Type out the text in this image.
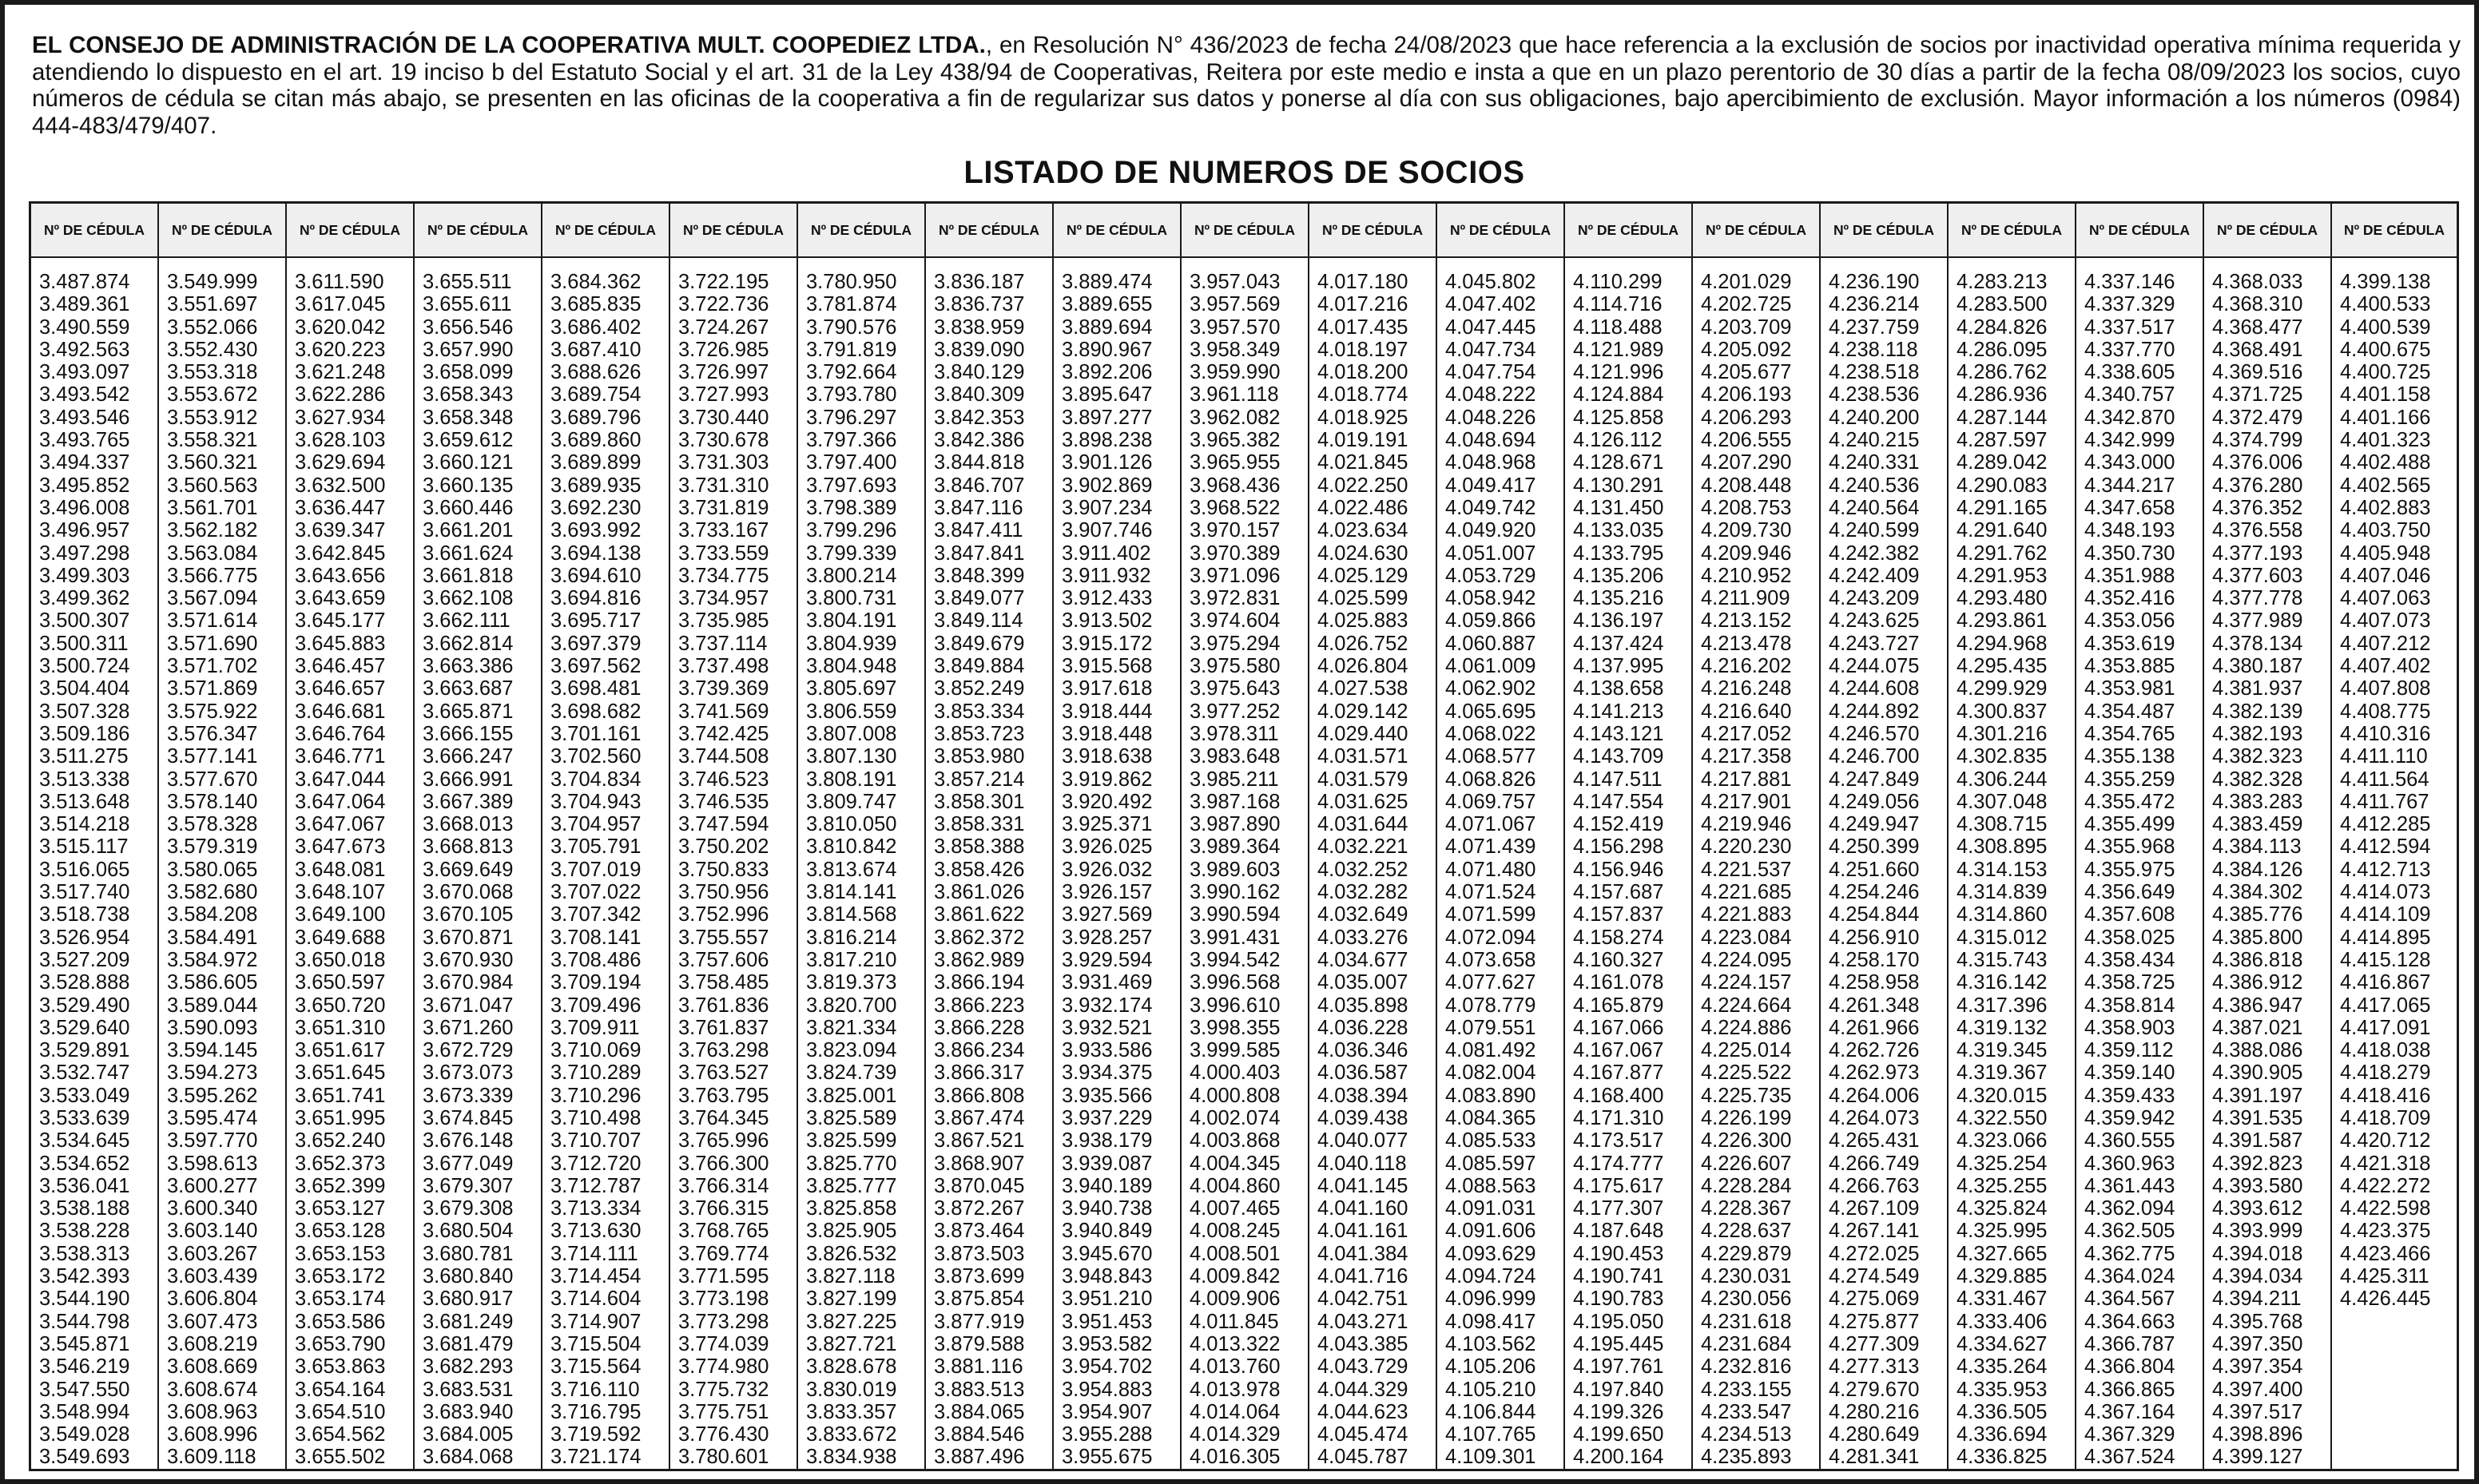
EL CONSEJO DE ADMINISTRACIÓN DE LA COOPERATIVA MULT. COOPEDIEZ LTDA., en Resolución N° 436/2023 de fecha 24/08/2023 que hace referencia a la exclusión de socios por inactividad operativa mínima requerida y atendiendo lo dispuesto en el art. 19 inciso b del Estatuto Social y el art. 31 de la Ley 438/94 de Cooperativas, Reitera por este medio e insta a que en un plazo perentorio de 30 días a partir de la fecha 08/09/2023 los socios, cuyo números de cédula se citan más abajo, se presenten en las oficinas de la cooperativa a fin de regularizar sus datos y ponerse al día con sus obligaciones, bajo apercibimiento de exclusión. Mayor información a los números (0984) 444-483/479/407.
LISTADO DE NUMEROS DE SOCIOS
Nº DE CÉDULA
3.487.874
3.489.361
3.490.559
3.492.563
3.493.097
3.493.542
3.493.546
3.493.765
3.494.337
3.495.852
3.496.008
3.496.957
3.497.298
3.499.303
3.499.362
3.500.307
3.500.311
3.500.724
3.504.404
3.507.328
3.509.186
3.511.275
3.513.338
3.513.648
3.514.218
3.515.117
3.516.065
3.517.740
3.518.738
3.526.954
3.527.209
3.528.888
3.529.490
3.529.640
3.529.891
3.532.747
3.533.049
3.533.639
3.534.645
3.534.652
3.536.041
3.538.188
3.538.228
3.538.313
3.542.393
3.544.190
3.544.798
3.545.871
3.546.219
3.547.550
3.548.994
3.549.028
3.549.693
Nº DE CÉDULA
3.549.999
3.551.697
3.552.066
3.552.430
3.553.318
3.553.672
3.553.912
3.558.321
3.560.321
3.560.563
3.561.701
3.562.182
3.563.084
3.566.775
3.567.094
3.571.614
3.571.690
3.571.702
3.571.869
3.575.922
3.576.347
3.577.141
3.577.670
3.578.140
3.578.328
3.579.319
3.580.065
3.582.680
3.584.208
3.584.491
3.584.972
3.586.605
3.589.044
3.590.093
3.594.145
3.594.273
3.595.262
3.595.474
3.597.770
3.598.613
3.600.277
3.600.340
3.603.140
3.603.267
3.603.439
3.606.804
3.607.473
3.608.219
3.608.669
3.608.674
3.608.963
3.608.996
3.609.118
Nº DE CÉDULA
3.611.590
3.617.045
3.620.042
3.620.223
3.621.248
3.622.286
3.627.934
3.628.103
3.629.694
3.632.500
3.636.447
3.639.347
3.642.845
3.643.656
3.643.659
3.645.177
3.645.883
3.646.457
3.646.657
3.646.681
3.646.764
3.646.771
3.647.044
3.647.064
3.647.067
3.647.673
3.648.081
3.648.107
3.649.100
3.649.688
3.650.018
3.650.597
3.650.720
3.651.310
3.651.617
3.651.645
3.651.741
3.651.995
3.652.240
3.652.373
3.652.399
3.653.127
3.653.128
3.653.153
3.653.172
3.653.174
3.653.586
3.653.790
3.653.863
3.654.164
3.654.510
3.654.562
3.655.502
Nº DE CÉDULA
3.655.511
3.655.611
3.656.546
3.657.990
3.658.099
3.658.343
3.658.348
3.659.612
3.660.121
3.660.135
3.660.446
3.661.201
3.661.624
3.661.818
3.662.108
3.662.111
3.662.814
3.663.386
3.663.687
3.665.871
3.666.155
3.666.247
3.666.991
3.667.389
3.668.013
3.668.813
3.669.649
3.670.068
3.670.105
3.670.871
3.670.930
3.670.984
3.671.047
3.671.260
3.672.729
3.673.073
3.673.339
3.674.845
3.676.148
3.677.049
3.679.307
3.679.308
3.680.504
3.680.781
3.680.840
3.680.917
3.681.249
3.681.479
3.682.293
3.683.531
3.683.940
3.684.005
3.684.068
Nº DE CÉDULA
3.684.362
3.685.835
3.686.402
3.687.410
3.688.626
3.689.754
3.689.796
3.689.860
3.689.899
3.689.935
3.692.230
3.693.992
3.694.138
3.694.610
3.694.816
3.695.717
3.697.379
3.697.562
3.698.481
3.698.682
3.701.161
3.702.560
3.704.834
3.704.943
3.704.957
3.705.791
3.707.019
3.707.022
3.707.342
3.708.141
3.708.486
3.709.194
3.709.496
3.709.911
3.710.069
3.710.289
3.710.296
3.710.498
3.710.707
3.712.720
3.712.787
3.713.334
3.713.630
3.714.111
3.714.454
3.714.604
3.714.907
3.715.504
3.715.564
3.716.110
3.716.795
3.719.592
3.721.174
Nº DE CÉDULA
3.722.195
3.722.736
3.724.267
3.726.985
3.726.997
3.727.993
3.730.440
3.730.678
3.731.303
3.731.310
3.731.819
3.733.167
3.733.559
3.734.775
3.734.957
3.735.985
3.737.114
3.737.498
3.739.369
3.741.569
3.742.425
3.744.508
3.746.523
3.746.535
3.747.594
3.750.202
3.750.833
3.750.956
3.752.996
3.755.557
3.757.606
3.758.485
3.761.836
3.761.837
3.763.298
3.763.527
3.763.795
3.764.345
3.765.996
3.766.300
3.766.314
3.766.315
3.768.765
3.769.774
3.771.595
3.773.198
3.773.298
3.774.039
3.774.980
3.775.732
3.775.751
3.776.430
3.780.601
Nº DE CÉDULA
3.780.950
3.781.874
3.790.576
3.791.819
3.792.664
3.793.780
3.796.297
3.797.366
3.797.400
3.797.693
3.798.389
3.799.296
3.799.339
3.800.214
3.800.731
3.804.191
3.804.939
3.804.948
3.805.697
3.806.559
3.807.008
3.807.130
3.808.191
3.809.747
3.810.050
3.810.842
3.813.674
3.814.141
3.814.568
3.816.214
3.817.210
3.819.373
3.820.700
3.821.334
3.823.094
3.824.739
3.825.001
3.825.589
3.825.599
3.825.770
3.825.777
3.825.858
3.825.905
3.826.532
3.827.118
3.827.199
3.827.225
3.827.721
3.828.678
3.830.019
3.833.357
3.833.672
3.834.938
Nº DE CÉDULA
3.836.187
3.836.737
3.838.959
3.839.090
3.840.129
3.840.309
3.842.353
3.842.386
3.844.818
3.846.707
3.847.116
3.847.411
3.847.841
3.848.399
3.849.077
3.849.114
3.849.679
3.849.884
3.852.249
3.853.334
3.853.723
3.853.980
3.857.214
3.858.301
3.858.331
3.858.388
3.858.426
3.861.026
3.861.622
3.862.372
3.862.989
3.866.194
3.866.223
3.866.228
3.866.234
3.866.317
3.866.808
3.867.474
3.867.521
3.868.907
3.870.045
3.872.267
3.873.464
3.873.503
3.873.699
3.875.854
3.877.919
3.879.588
3.881.116
3.883.513
3.884.065
3.884.546
3.887.496
Nº DE CÉDULA
3.889.474
3.889.655
3.889.694
3.890.967
3.892.206
3.895.647
3.897.277
3.898.238
3.901.126
3.902.869
3.907.234
3.907.746
3.911.402
3.911.932
3.912.433
3.913.502
3.915.172
3.915.568
3.917.618
3.918.444
3.918.448
3.918.638
3.919.862
3.920.492
3.925.371
3.926.025
3.926.032
3.926.157
3.927.569
3.928.257
3.929.594
3.931.469
3.932.174
3.932.521
3.933.586
3.934.375
3.935.566
3.937.229
3.938.179
3.939.087
3.940.189
3.940.738
3.940.849
3.945.670
3.948.843
3.951.210
3.951.453
3.953.582
3.954.702
3.954.883
3.954.907
3.955.288
3.955.675
Nº DE CÉDULA
3.957.043
3.957.569
3.957.570
3.958.349
3.959.990
3.961.118
3.962.082
3.965.382
3.965.955
3.968.436
3.968.522
3.970.157
3.970.389
3.971.096
3.972.831
3.974.604
3.975.294
3.975.580
3.975.643
3.977.252
3.978.311
3.983.648
3.985.211
3.987.168
3.987.890
3.989.364
3.989.603
3.990.162
3.990.594
3.991.431
3.994.542
3.996.568
3.996.610
3.998.355
3.999.585
4.000.403
4.000.808
4.002.074
4.003.868
4.004.345
4.004.860
4.007.465
4.008.245
4.008.501
4.009.842
4.009.906
4.011.845
4.013.322
4.013.760
4.013.978
4.014.064
4.014.329
4.016.305
Nº DE CÉDULA
4.017.180
4.017.216
4.017.435
4.018.197
4.018.200
4.018.774
4.018.925
4.019.191
4.021.845
4.022.250
4.022.486
4.023.634
4.024.630
4.025.129
4.025.599
4.025.883
4.026.752
4.026.804
4.027.538
4.029.142
4.029.440
4.031.571
4.031.579
4.031.625
4.031.644
4.032.221
4.032.252
4.032.282
4.032.649
4.033.276
4.034.677
4.035.007
4.035.898
4.036.228
4.036.346
4.036.587
4.038.394
4.039.438
4.040.077
4.040.118
4.041.145
4.041.160
4.041.161
4.041.384
4.041.716
4.042.751
4.043.271
4.043.385
4.043.729
4.044.329
4.044.623
4.045.474
4.045.787
Nº DE CÉDULA
4.045.802
4.047.402
4.047.445
4.047.734
4.047.754
4.048.222
4.048.226
4.048.694
4.048.968
4.049.417
4.049.742
4.049.920
4.051.007
4.053.729
4.058.942
4.059.866
4.060.887
4.061.009
4.062.902
4.065.695
4.068.022
4.068.577
4.068.826
4.069.757
4.071.067
4.071.439
4.071.480
4.071.524
4.071.599
4.072.094
4.073.658
4.077.627
4.078.779
4.079.551
4.081.492
4.082.004
4.083.890
4.084.365
4.085.533
4.085.597
4.088.563
4.091.031
4.091.606
4.093.629
4.094.724
4.096.999
4.098.417
4.103.562
4.105.206
4.105.210
4.106.844
4.107.765
4.109.301
Nº DE CÉDULA
4.110.299
4.114.716
4.118.488
4.121.989
4.121.996
4.124.884
4.125.858
4.126.112
4.128.671
4.130.291
4.131.450
4.133.035
4.133.795
4.135.206
4.135.216
4.136.197
4.137.424
4.137.995
4.138.658
4.141.213
4.143.121
4.143.709
4.147.511
4.147.554
4.152.419
4.156.298
4.156.946
4.157.687
4.157.837
4.158.274
4.160.327
4.161.078
4.165.879
4.167.066
4.167.067
4.167.877
4.168.400
4.171.310
4.173.517
4.174.777
4.175.617
4.177.307
4.187.648
4.190.453
4.190.741
4.190.783
4.195.050
4.195.445
4.197.761
4.197.840
4.199.326
4.199.650
4.200.164
Nº DE CÉDULA
4.201.029
4.202.725
4.203.709
4.205.092
4.205.677
4.206.193
4.206.293
4.206.555
4.207.290
4.208.448
4.208.753
4.209.730
4.209.946
4.210.952
4.211.909
4.213.152
4.213.478
4.216.202
4.216.248
4.216.640
4.217.052
4.217.358
4.217.881
4.217.901
4.219.946
4.220.230
4.221.537
4.221.685
4.221.883
4.223.084
4.224.095
4.224.157
4.224.664
4.224.886
4.225.014
4.225.522
4.225.735
4.226.199
4.226.300
4.226.607
4.228.284
4.228.367
4.228.637
4.229.879
4.230.031
4.230.056
4.231.618
4.231.684
4.232.816
4.233.155
4.233.547
4.234.513
4.235.893
Nº DE CÉDULA
4.236.190
4.236.214
4.237.759
4.238.118
4.238.518
4.238.536
4.240.200
4.240.215
4.240.331
4.240.536
4.240.564
4.240.599
4.242.382
4.242.409
4.243.209
4.243.625
4.243.727
4.244.075
4.244.608
4.244.892
4.246.570
4.246.700
4.247.849
4.249.056
4.249.947
4.250.399
4.251.660
4.254.246
4.254.844
4.256.910
4.258.170
4.258.958
4.261.348
4.261.966
4.262.726
4.262.973
4.264.006
4.264.073
4.265.431
4.266.749
4.266.763
4.267.109
4.267.141
4.272.025
4.274.549
4.275.069
4.275.877
4.277.309
4.277.313
4.279.670
4.280.216
4.280.649
4.281.341
Nº DE CÉDULA
4.283.213
4.283.500
4.284.826
4.286.095
4.286.762
4.286.936
4.287.144
4.287.597
4.289.042
4.290.083
4.291.165
4.291.640
4.291.762
4.291.953
4.293.480
4.293.861
4.294.968
4.295.435
4.299.929
4.300.837
4.301.216
4.302.835
4.306.244
4.307.048
4.308.715
4.308.895
4.314.153
4.314.839
4.314.860
4.315.012
4.315.743
4.316.142
4.317.396
4.319.132
4.319.345
4.319.367
4.320.015
4.322.550
4.323.066
4.325.254
4.325.255
4.325.824
4.325.995
4.327.665
4.329.885
4.331.467
4.333.406
4.334.627
4.335.264
4.335.953
4.336.505
4.336.694
4.336.825
Nº DE CÉDULA
4.337.146
4.337.329
4.337.517
4.337.770
4.338.605
4.340.757
4.342.870
4.342.999
4.343.000
4.344.217
4.347.658
4.348.193
4.350.730
4.351.988
4.352.416
4.353.056
4.353.619
4.353.885
4.353.981
4.354.487
4.354.765
4.355.138
4.355.259
4.355.472
4.355.499
4.355.968
4.355.975
4.356.649
4.357.608
4.358.025
4.358.434
4.358.725
4.358.814
4.358.903
4.359.112
4.359.140
4.359.433
4.359.942
4.360.555
4.360.963
4.361.443
4.362.094
4.362.505
4.362.775
4.364.024
4.364.567
4.364.663
4.366.787
4.366.804
4.366.865
4.367.164
4.367.329
4.367.524
Nº DE CÉDULA
4.368.033
4.368.310
4.368.477
4.368.491
4.369.516
4.371.725
4.372.479
4.374.799
4.376.006
4.376.280
4.376.352
4.376.558
4.377.193
4.377.603
4.377.778
4.377.989
4.378.134
4.380.187
4.381.937
4.382.139
4.382.193
4.382.323
4.382.328
4.383.283
4.383.459
4.384.113
4.384.126
4.384.302
4.385.776
4.385.800
4.386.818
4.386.912
4.386.947
4.387.021
4.388.086
4.390.905
4.391.197
4.391.535
4.391.587
4.392.823
4.393.580
4.393.612
4.393.999
4.394.018
4.394.034
4.394.211
4.395.768
4.397.350
4.397.354
4.397.400
4.397.517
4.398.896
4.399.127
Nº DE CÉDULA
4.399.138
4.400.533
4.400.539
4.400.675
4.400.725
4.401.158
4.401.166
4.401.323
4.402.488
4.402.565
4.402.883
4.403.750
4.405.948
4.407.046
4.407.063
4.407.073
4.407.212
4.407.402
4.407.808
4.408.775
4.410.316
4.411.110
4.411.564
4.411.767
4.412.285
4.412.594
4.412.713
4.414.073
4.414.109
4.414.895
4.415.128
4.416.867
4.417.065
4.417.091
4.418.038
4.418.279
4.418.416
4.418.709
4.420.712
4.421.318
4.422.272
4.422.598
4.423.375
4.423.466
4.425.311
4.426.445
